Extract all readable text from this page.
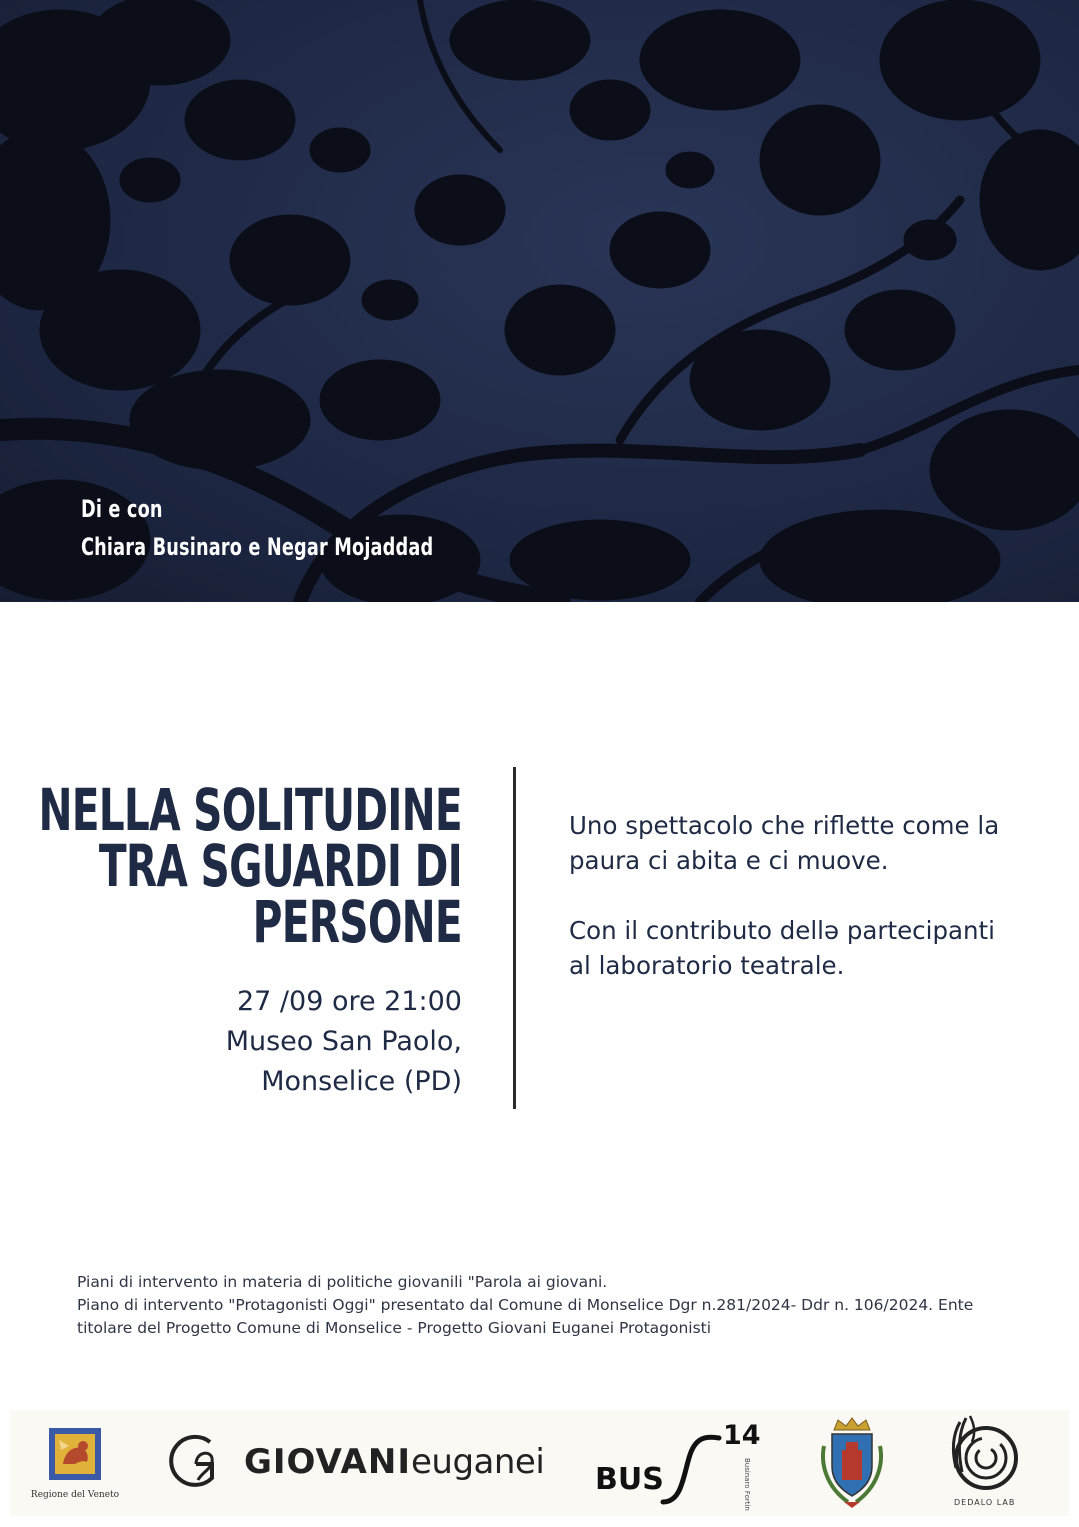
Di e con
Chiara Businaro e Negar Mojaddad
NELLA SOLITUDINE
TRA SGUARDI DI
PERSONE
27 /09 ore 21:00
Museo San Paolo,
Monselice (PD)

Uno spettacolo che riflette come la paura ci abita e ci muove.

Con il contributo dellə partecipanti al laboratorio teatrale.

Piani di intervento in materia di politiche giovanili "Parola ai giovani.
Piano di intervento "Protagonisti Oggi" presentato dal Comune di Monselice Dgr n.281/2024- Ddr n. 106/2024. Ente
titolare del Progetto Comune di Monselice - Progetto Giovani Euganei Protagonisti
Regione del Veneto
GIOVANIeuganei BUS
14
Businaro Fortin	DEDALO LAB
